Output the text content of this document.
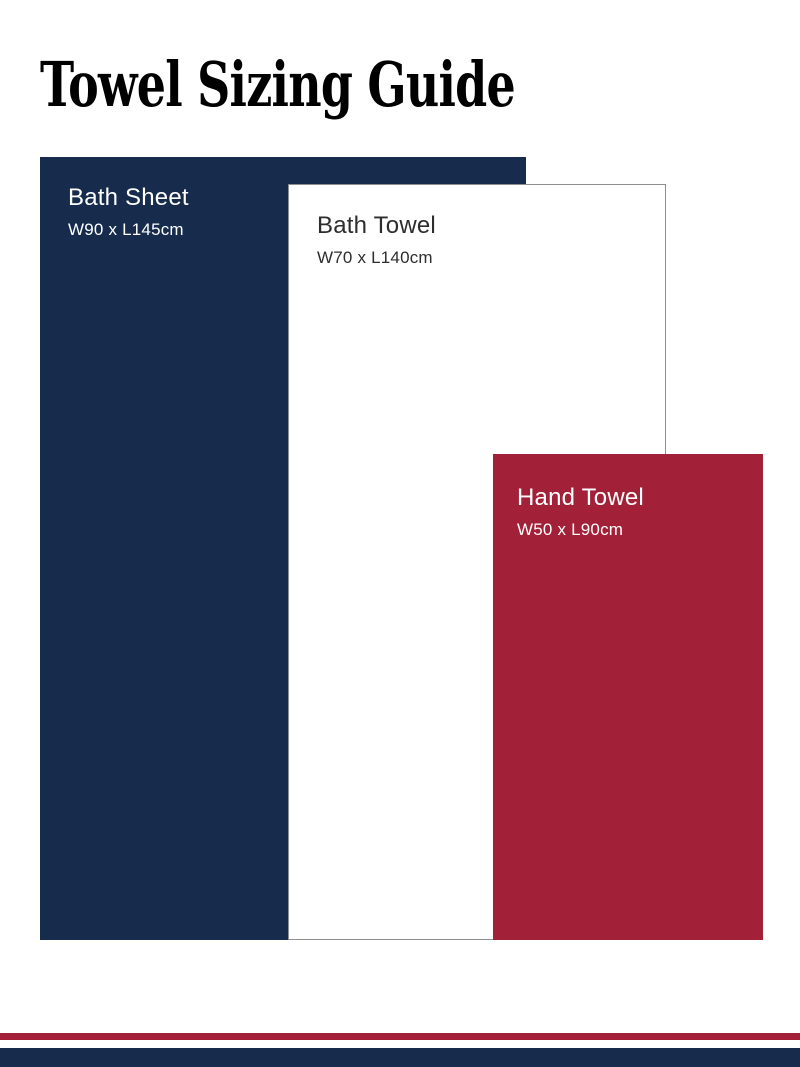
Towel Sizing Guide
Bath Sheet
W90 x L145cm	Bath Towel
W70 x L140cm
Hand Towel
W50 x L90cm
